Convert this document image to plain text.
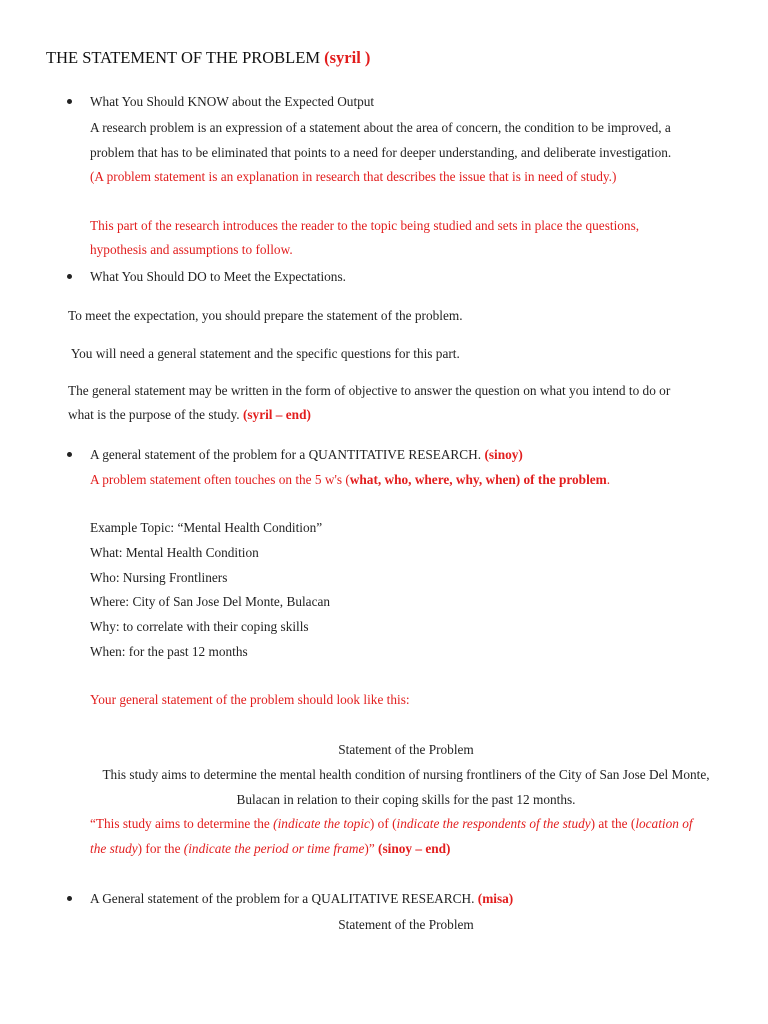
THE STATEMENT OF THE PROBLEM (syril )
What You Should KNOW about the Expected Output
A research problem is an expression of a statement about the area of concern, the condition to be improved, a
problem that has to be eliminated that points to a need for deeper understanding, and deliberate investigation.
(A problem statement is an explanation in research that describes the issue that is in need of study.)
This part of the research introduces the reader to the topic being studied and sets in place the questions,
hypothesis and assumptions to follow.
What You Should DO to Meet the Expectations.
To meet the expectation, you should prepare the statement of the problem.
You will need a general statement and the specific questions for this part.
The general statement may be written in the form of objective to answer the question on what you intend to do or
what is the purpose of the study. (syril – end)
A general statement of the problem for a QUANTITATIVE RESEARCH. (sinoy)
A problem statement often touches on the 5 w's (what, who, where, why, when) of the problem.
Example Topic: “Mental Health Condition”
What: Mental Health Condition
Who: Nursing Frontliners
Where: City of San Jose Del Monte, Bulacan
Why: to correlate with their coping skills
When: for the past 12 months
Your general statement of the problem should look like this:
Statement of the Problem
This study aims to determine the mental health condition of nursing frontliners of the City of San Jose Del Monte,
Bulacan in relation to their coping skills for the past 12 months.
“This study aims to determine the (indicate the topic) of (indicate the respondents of the study) at the (location of
the study) for the (indicate the period or time frame)” (sinoy – end)
A General statement of the problem for a QUALITATIVE RESEARCH. (misa)
Statement of the Problem
